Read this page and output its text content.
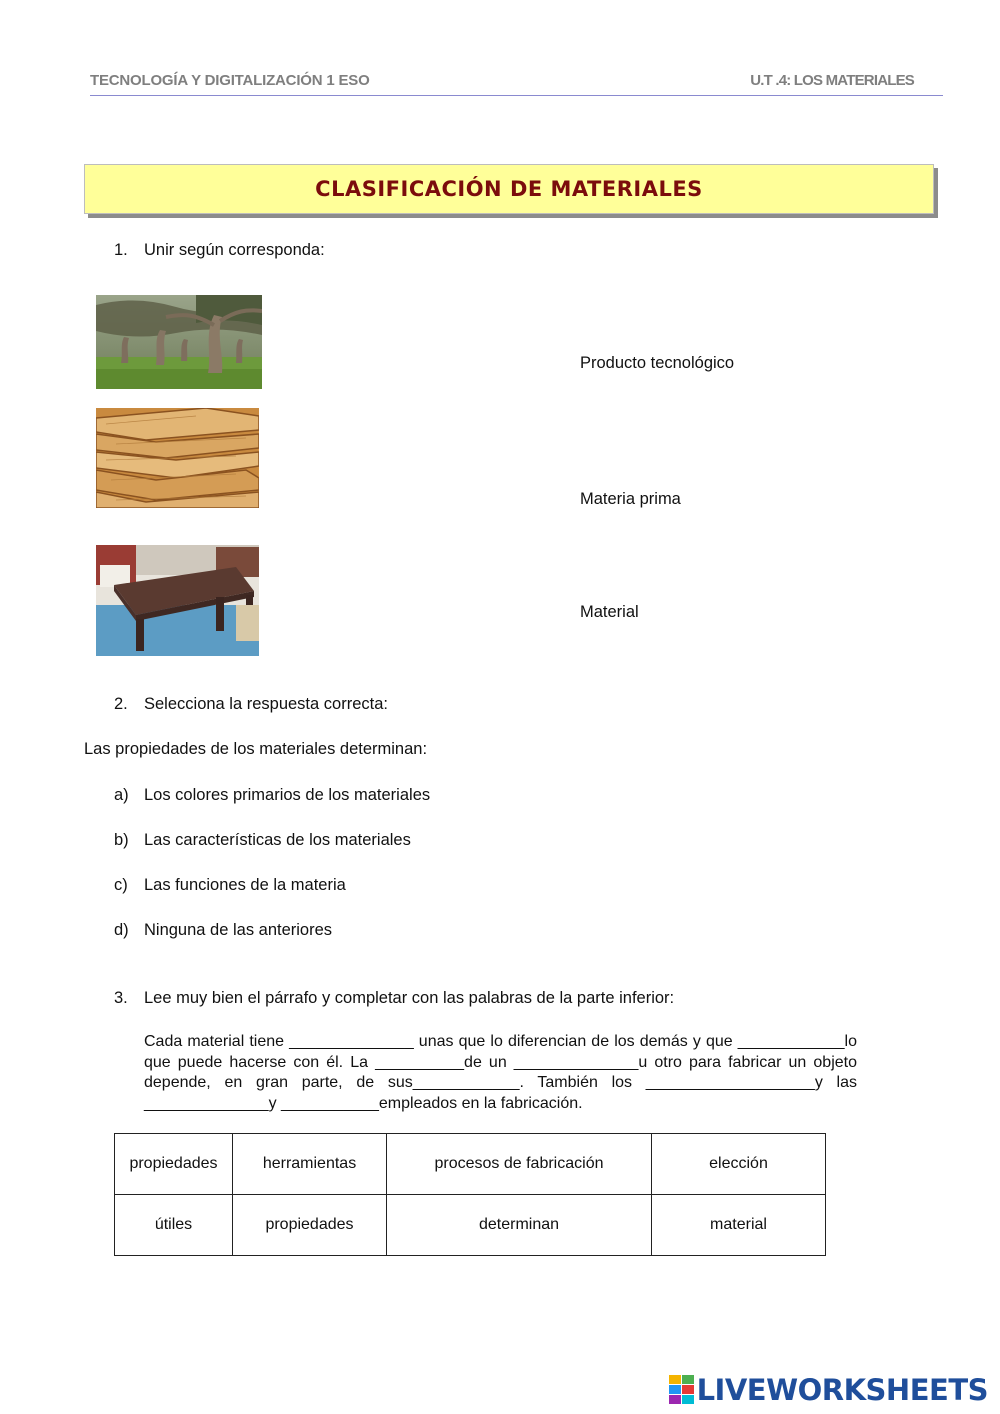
TECNOLOGÍA Y DIGITALIZACIÓN 1 ESO	U.T .4: LOS MATERIALES
CLASIFICACIÓN DE MATERIALES
1. Unir según corresponda:
Producto tecnológico
Materia prima
Material
2. Selecciona la respuesta correcta:
Las propiedades de los materiales determinan:
a) Los colores primarios de los materiales
b) Las características de los materiales
c) Las funciones de la materia
d) Ninguna de las anteriores
3. Lee muy bien el párrafo y completar con las palabras de la parte inferior:
Cada material tiene ______________ unas que lo diferencian de los demás y que ____________lo que puede hacerse con él. La __________de un ______________u otro para fabricar un objeto depende, en gran parte, de sus____________. También los ___________________y las ______________y ___________empleados en la fabricación.
propiedades	herramientas	procesos de fabricación	elección
útiles	propiedades	determinan	material
LIVEWORKSHEETS
